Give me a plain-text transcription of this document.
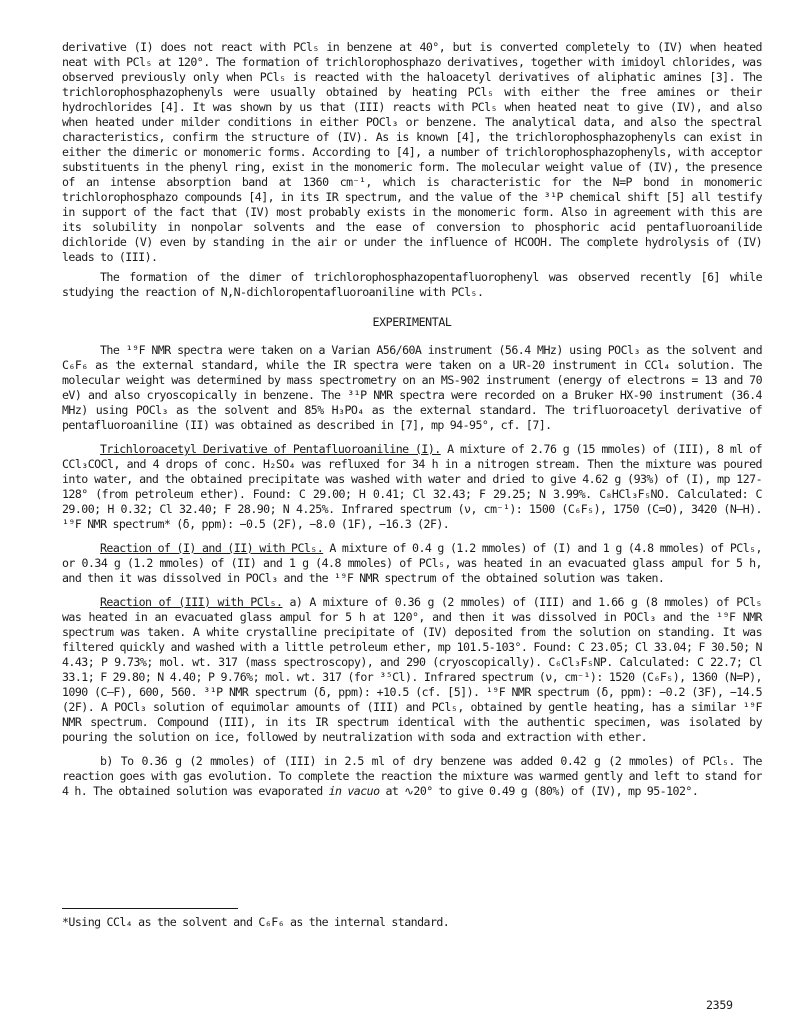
derivative (I) does not react with PCl₅ in benzene at 40°, but is converted completely to (IV) when heated neat with PCl₅ at 120°. The formation of trichlorophosphazo derivatives, together with imidoyl chlorides, was observed previously only when PCl₅ is reacted with the haloacetyl derivatives of aliphatic amines [3]. The trichlorophosphazophenyls were usually obtained by heating PCl₅ with either the free amines or their hydrochlorides [4]. It was shown by us that (III) reacts with PCl₅ when heated neat to give (IV), and also when heated under milder conditions in either POCl₃ or benzene. The analytical data, and also the spectral characteristics, confirm the structure of (IV). As is known [4], the trichlorophosphazophenyls can exist in either the dimeric or monomeric forms. According to [4], a number of trichlorophosphazophenyls, with acceptor substituents in the phenyl ring, exist in the monomeric form. The molecular weight value of (IV), the presence of an intense absorption band at 1360 cm⁻¹, which is characteristic for the N=P bond in monomeric trichlorophosphazo compounds [4], in its IR spectrum, and the value of the ³¹P chemical shift [5] all testify in support of the fact that (IV) most probably exists in the monomeric form. Also in agreement with this are its solubility in nonpolar solvents and the ease of conversion to phosphoric acid pentafluoroanilide dichloride (V) even by standing in the air or under the influence of HCOOH. The complete hydrolysis of (IV) leads to (III).

The formation of the dimer of trichlorophosphazopentafluorophenyl was observed recently [6] while studying the reaction of N,N-dichloropentafluoroaniline with PCl₅.

EXPERIMENTAL

The ¹⁹F NMR spectra were taken on a Varian A56/60A instrument (56.4 MHz) using POCl₃ as the solvent and C₆F₆ as the external standard, while the IR spectra were taken on a UR-20 instrument in CCl₄ solution. The molecular weight was determined by mass spectrometry on an MS-902 instrument (energy of electrons = 13 and 70 eV) and also cryoscopically in benzene. The ³¹P NMR spectra were recorded on a Bruker HX-90 instrument (36.4 MHz) using POCl₃ as the solvent and 85% H₃PO₄ as the external standard. The trifluoroacetyl derivative of pentafluoroaniline (II) was obtained as described in [7], mp 94-95°, cf. [7].

Trichloroacetyl Derivative of Pentafluoroaniline (I). A mixture of 2.76 g (15 mmoles) of (III), 8 ml of CCl₃COCl, and 4 drops of conc. H₂SO₄ was refluxed for 34 h in a nitrogen stream. Then the mixture was poured into water, and the obtained precipitate was washed with water and dried to give 4.62 g (93%) of (I), mp 127-128° (from petroleum ether). Found: C 29.00; H 0.41; Cl 32.43; F 29.25; N 3.99%. C₈HCl₃F₅NO. Calculated: C 29.00; H 0.32; Cl 32.40; F 28.90; N 4.25%. Infrared spectrum (ν, cm⁻¹): 1500 (C₆F₅), 1750 (C=O), 3420 (N—H). ¹⁹F NMR spectrum* (δ, ppm): −0.5 (2F), −8.0 (1F), −16.3 (2F).

Reaction of (I) and (II) with PCl₅. A mixture of 0.4 g (1.2 mmoles) of (I) and 1 g (4.8 mmoles) of PCl₅, or 0.34 g (1.2 mmoles) of (II) and 1 g (4.8 mmoles) of PCl₅, was heated in an evacuated glass ampul for 5 h, and then it was dissolved in POCl₃ and the ¹⁹F NMR spectrum of the obtained solution was taken.

Reaction of (III) with PCl₅. a) A mixture of 0.36 g (2 mmoles) of (III) and 1.66 g (8 mmoles) of PCl₅ was heated in an evacuated glass ampul for 5 h at 120°, and then it was dissolved in POCl₃ and the ¹⁹F NMR spectrum was taken. A white crystalline precipitate of (IV) deposited from the solution on standing. It was filtered quickly and washed with a little petroleum ether, mp 101.5-103°. Found: C 23.05; Cl 33.04; F 30.50; N 4.43; P 9.73%; mol. wt. 317 (mass spectroscopy), and 290 (cryoscopically). C₆Cl₃F₅NP. Calculated: C 22.7; Cl 33.1; F 29.80; N 4.40; P 9.76%; mol. wt. 317 (for ³⁵Cl). Infrared spectrum (ν, cm⁻¹): 1520 (C₆F₅), 1360 (N=P), 1090 (C—F), 600, 560. ³¹P NMR spectrum (δ, ppm): +10.5 (cf. [5]). ¹⁹F NMR spectrum (δ, ppm): −0.2 (3F), −14.5 (2F). A POCl₃ solution of equimolar amounts of (III) and PCl₅, obtained by gentle heating, has a similar ¹⁹F NMR spectrum. Compound (III), in its IR spectrum identical with the authentic specimen, was isolated by pouring the solution on ice, followed by neutralization with soda and extraction with ether.

b) To 0.36 g (2 mmoles) of (III) in 2.5 ml of dry benzene was added 0.42 g (2 mmoles) of PCl₅. The reaction goes with gas evolution. To complete the reaction the mixture was warmed gently and left to stand for 4 h. The obtained solution was evaporated in vacuo at ∿20° to give 0.49 g (80%) of (IV), mp 95-102°.

*Using CCl₄ as the solvent and C₆F₆ as the internal standard.

2359
